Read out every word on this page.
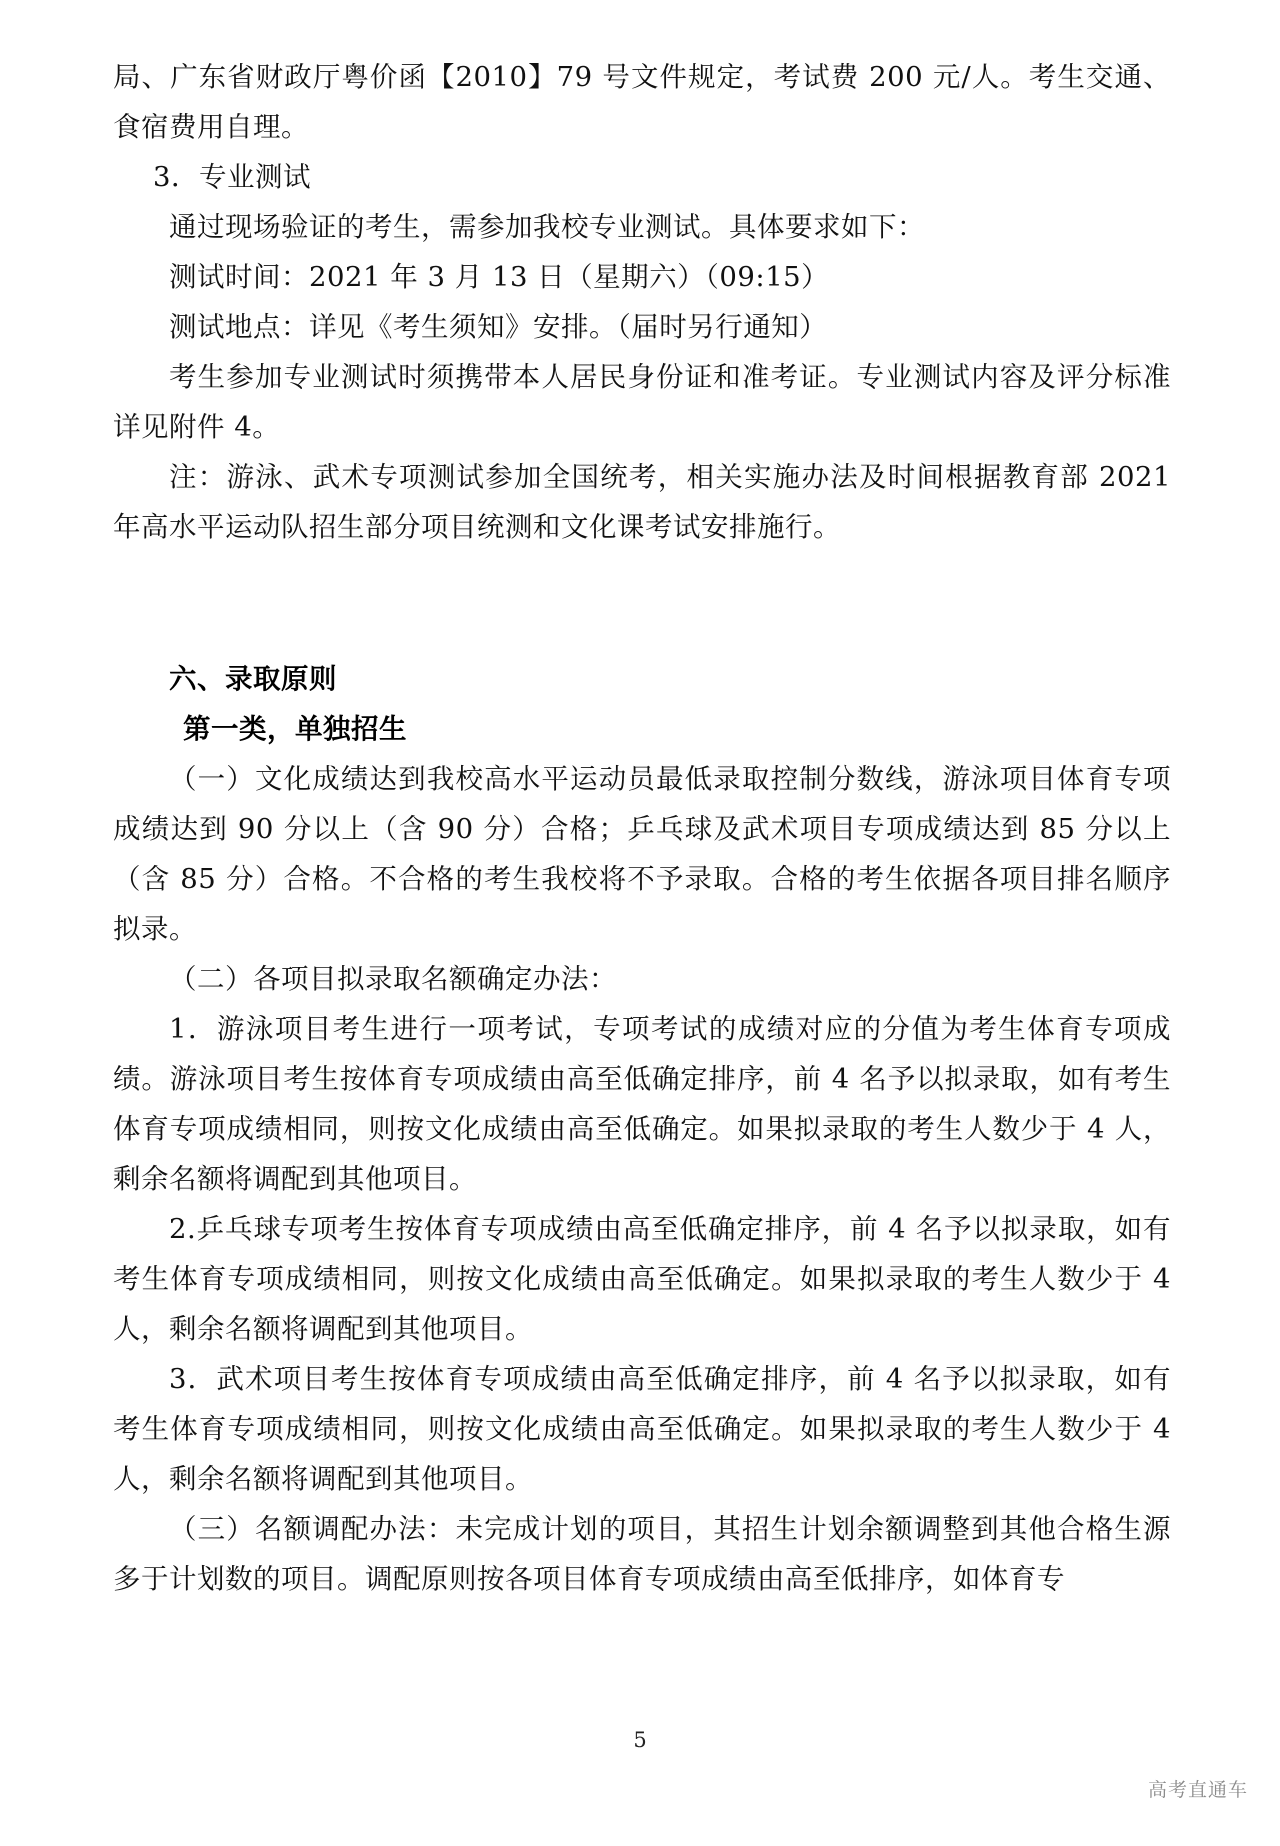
局、广东省财政厅粤价函【2010】79 号文件规定，考试费 200 元/人。考生交通、食宿费用自理。

3．专业测试

通过现场验证的考生，需参加我校专业测试。具体要求如下：

测试时间：2021 年 3 月 13 日（星期六）（09:15）

测试地点：详见《考生须知》安排。（届时另行通知）

考生参加专业测试时须携带本人居民身份证和准考证。专业测试内容及评分标准详见附件 4。

注：游泳、武术专项测试参加全国统考，相关实施办法及时间根据教育部 2021 年高水平运动队招生部分项目统测和文化课考试安排施行。

六、录取原则

第一类，单独招生

（一）文化成绩达到我校高水平运动员最低录取控制分数线，游泳项目体育专项成绩达到 90 分以上（含 90 分）合格；乒乓球及武术项目专项成绩达到 85 分以上（含 85 分）合格。不合格的考生我校将不予录取。合格的考生依据各项目排名顺序拟录。

（二）各项目拟录取名额确定办法：

1．游泳项目考生进行一项考试，专项考试的成绩对应的分值为考生体育专项成绩。游泳项目考生按体育专项成绩由高至低确定排序，前 4 名予以拟录取，如有考生体育专项成绩相同，则按文化成绩由高至低确定。如果拟录取的考生人数少于 4 人，剩余名额将调配到其他项目。

2.乒乓球专项考生按体育专项成绩由高至低确定排序，前 4 名予以拟录取，如有考生体育专项成绩相同，则按文化成绩由高至低确定。如果拟录取的考生人数少于 4 人，剩余名额将调配到其他项目。

3．武术项目考生按体育专项成绩由高至低确定排序，前 4 名予以拟录取，如有考生体育专项成绩相同，则按文化成绩由高至低确定。如果拟录取的考生人数少于 4 人，剩余名额将调配到其他项目。

（三）名额调配办法：未完成计划的项目，其招生计划余额调整到其他合格生源多于计划数的项目。调配原则按各项目体育专项成绩由高至低排序，如体育专

5
高考直通车
